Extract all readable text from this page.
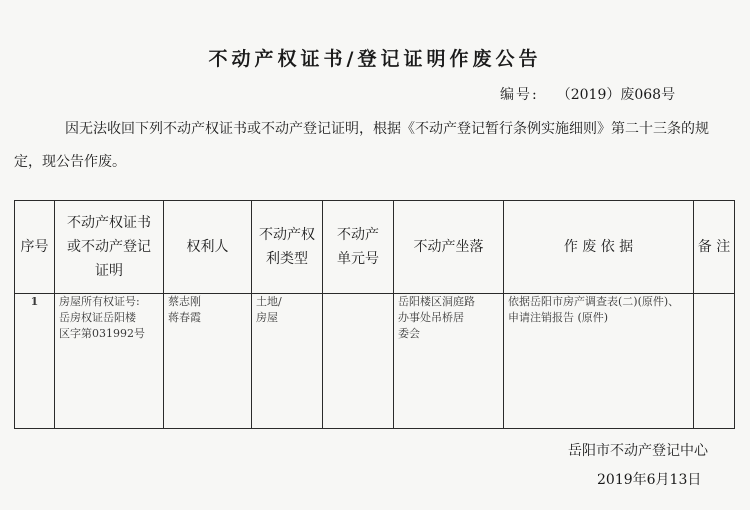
不动产权证书/登记证明作废公告
编号: （2019）废068号
因无法收回下列不动产权证书或不动产登记证明，根据《不动产登记暂行条例实施细则》第二十三条的规定，现公告作废。
序号	不动产权证书
或不动产登记
证明	权利人	不动产权
利类型	不动产
单元号	不动产坐落	作 废 依 据	备 注

1	房屋所有权证号:
岳房权证岳阳楼
区字第031992号	蔡志刚
蒋春霞	土地/
房屋		岳阳楼区洞庭路
办事处吊桥居
委会	依据岳阳市房产调查表(二)(原件)、
申请注销报告 (原件)	

岳阳市不动产登记中心
2019年6月13日
